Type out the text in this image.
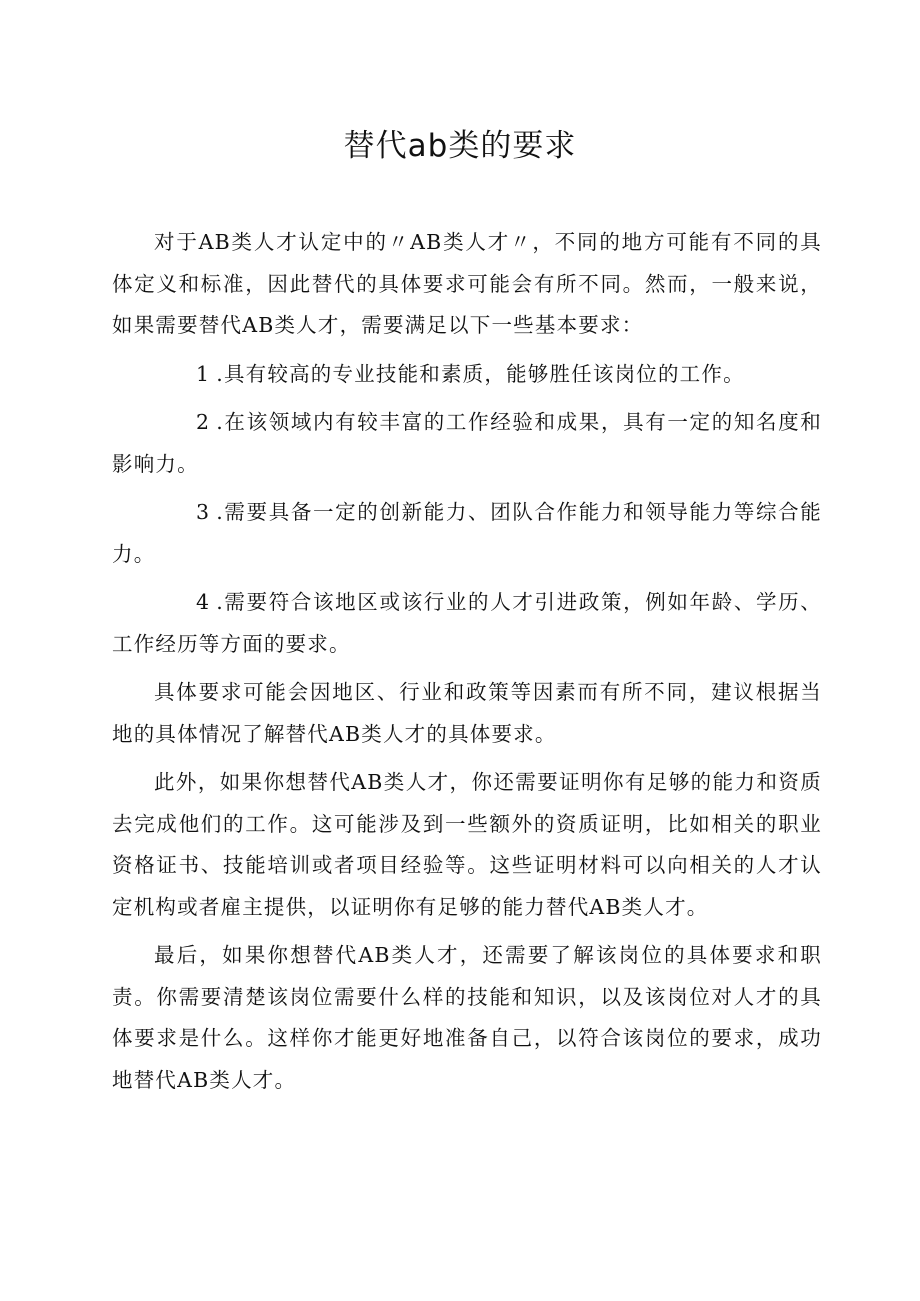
替代ab类的要求

对于AB类人才认定中的〃AB类人才〃，不同的地方可能有不同的具体定义和标准，因此替代的具体要求可能会有所不同。然而，一般来说，如果需要替代AB类人才，需要满足以下一些基本要求：

1 .具有较高的专业技能和素质，能够胜任该岗位的工作。

2 .在该领域内有较丰富的工作经验和成果，具有一定的知名度和影响力。

3 .需要具备一定的创新能力、团队合作能力和领导能力等综合能力。

4 .需要符合该地区或该行业的人才引进政策，例如年龄、学历、工作经历等方面的要求。

具体要求可能会因地区、行业和政策等因素而有所不同，建议根据当地的具体情况了解替代AB类人才的具体要求。

此外，如果你想替代AB类人才，你还需要证明你有足够的能力和资质去完成他们的工作。这可能涉及到一些额外的资质证明，比如相关的职业资格证书、技能培训或者项目经验等。这些证明材料可以向相关的人才认定机构或者雇主提供，以证明你有足够的能力替代AB类人才。

最后，如果你想替代AB类人才，还需要了解该岗位的具体要求和职责。你需要清楚该岗位需要什么样的技能和知识，以及该岗位对人才的具体要求是什么。这样你才能更好地准备自己，以符合该岗位的要求，成功地替代AB类人才。
